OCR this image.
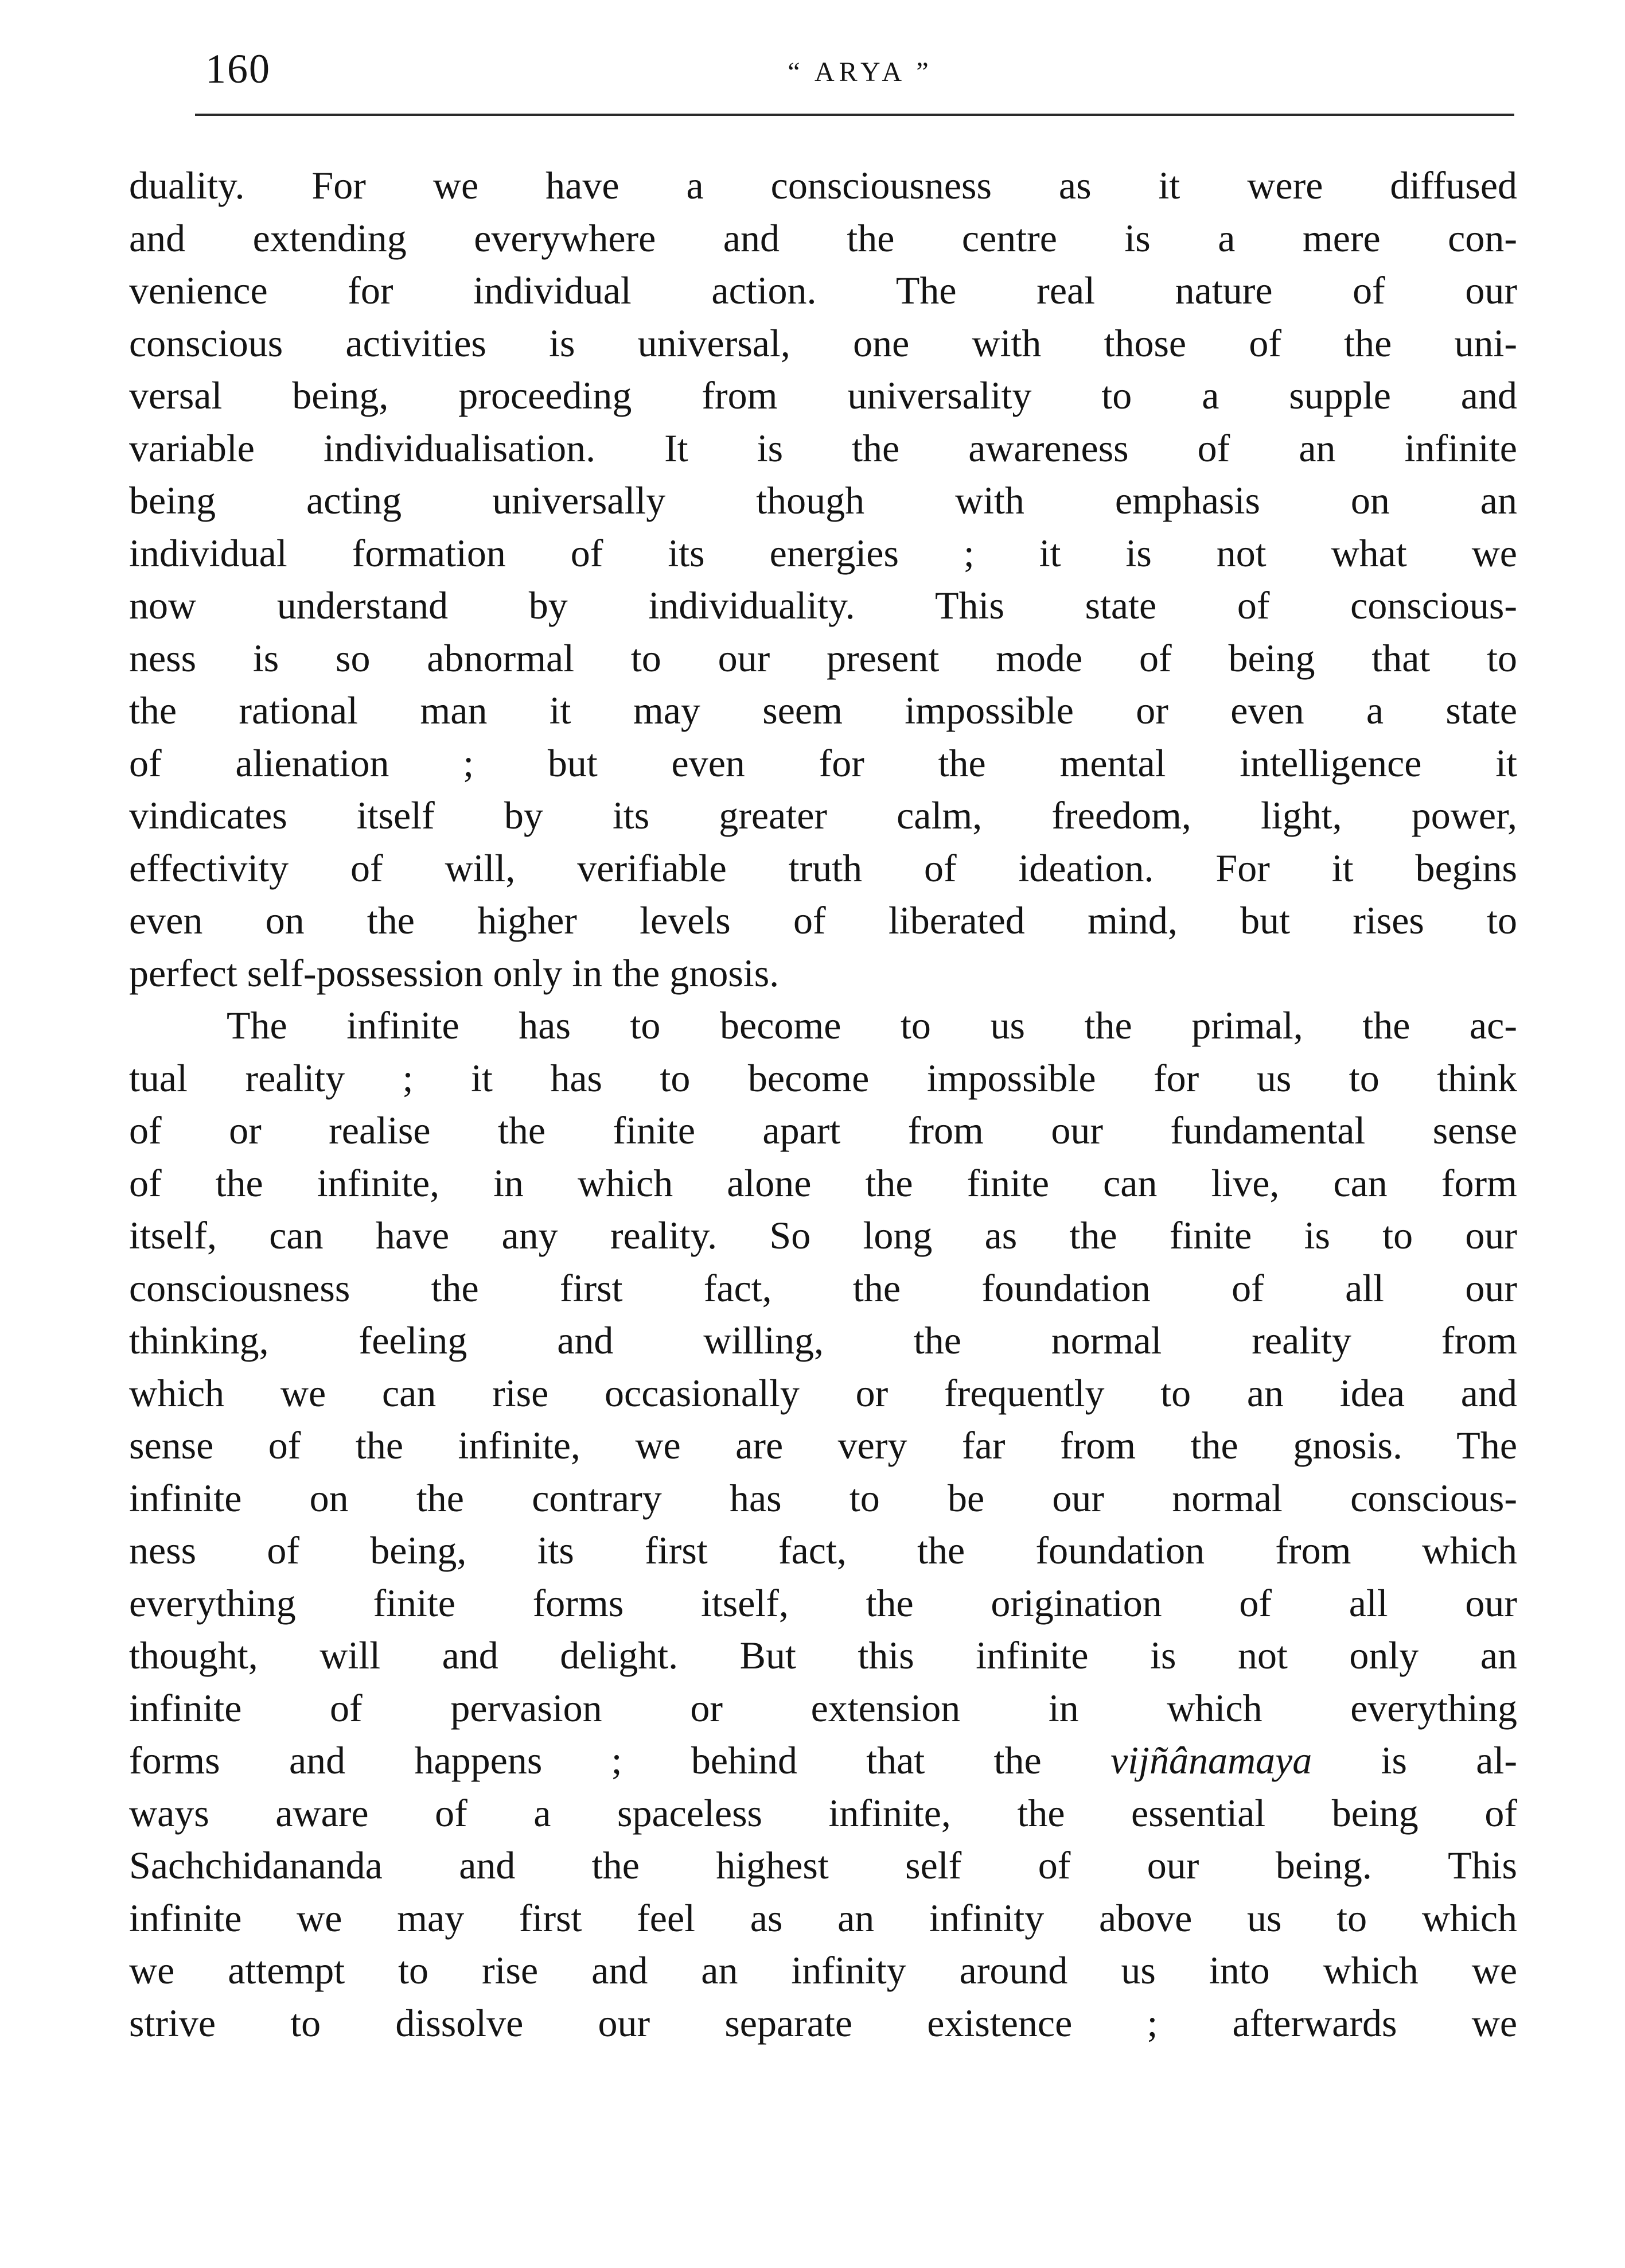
160	“ ARYA ”
duality. For we have a consciousness as it were diffused
and extending everywhere and the centre is a mere con-
venience for individual action. The real nature of our
conscious activities is universal, one with those of the uni-
versal being, proceeding from universality to a supple and
variable individualisation. It is the awareness of an infinite
being acting universally though with emphasis on an
individual formation of its energies ; it is not what we
now understand by individuality. This state of conscious-
ness is so abnormal to our present mode of being that to
the rational man it may seem impossible or even a state
of alienation ; but even for the mental intelligence it
vindicates itself by its greater calm, freedom, light, power,
effectivity of will, verifiable truth of ideation. For it begins
even on the higher levels of liberated mind, but rises to
perfect self-possession only in the gnosis.
The infinite has to become to us the primal, the ac-
tual reality ; it has to become impossible for us to think
of or realise the finite apart from our fundamental sense
of the infinite, in which alone the finite can live, can form
itself, can have any reality. So long as the finite is to our
consciousness the first fact, the foundation of all our
thinking, feeling and willing, the normal reality from
which we can rise occasionally or frequently to an idea and
sense of the infinite, we are very far from the gnosis. The
infinite on the contrary has to be our normal conscious-
ness of being, its first fact, the foundation from which
everything finite forms itself, the origination of all our
thought, will and delight. But this infinite is not only an
infinite of pervasion or extension in which everything
forms and happens ; behind that the vijñânamaya is al-
ways aware of a spaceless infinite, the essential being of
Sachchidananda and the highest self of our being. This
infinite we may first feel as an infinity above us to which
we attempt to rise and an infinity around us into which we
strive to dissolve our separate existence ; afterwards we
